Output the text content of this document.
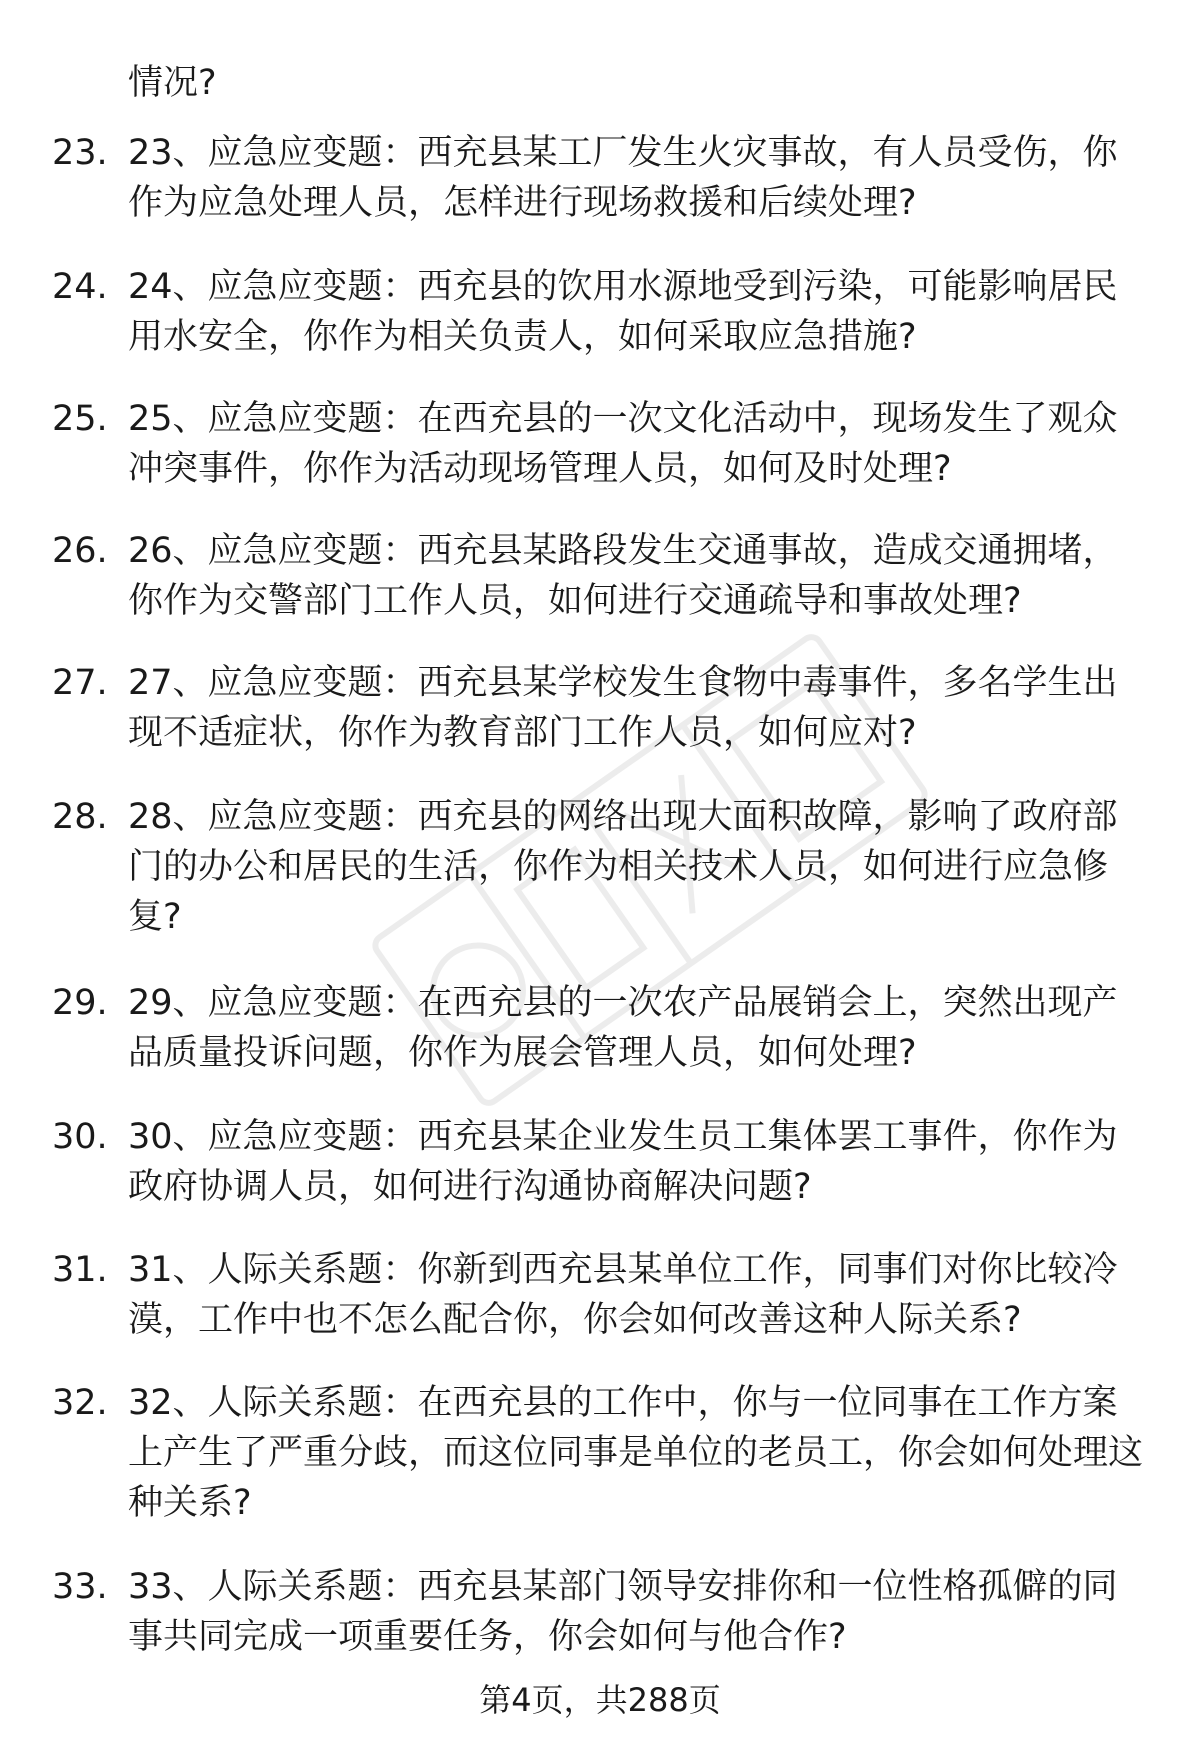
情况?

23. 23、应急应变题：西充县某工厂发生火灾事故，有人员受伤，你作为应急处理人员，怎样进行现场救援和后续处理?

24. 24、应急应变题：西充县的饮用水源地受到污染，可能影响居民用水安全，你作为相关负责人，如何采取应急措施?

25. 25、应急应变题：在西充县的一次文化活动中，现场发生了观众冲突事件，你作为活动现场管理人员，如何及时处理?

26. 26、应急应变题：西充县某路段发生交通事故，造成交通拥堵，你作为交警部门工作人员，如何进行交通疏导和事故处理?

27. 27、应急应变题：西充县某学校发生食物中毒事件，多名学生出现不适症状，你作为教育部门工作人员，如何应对?

28. 28、应急应变题：西充县的网络出现大面积故障，影响了政府部门的办公和居民的生活，你作为相关技术人员，如何进行应急修复?

29. 29、应急应变题：在西充县的一次农产品展销会上，突然出现产品质量投诉问题，你作为展会管理人员，如何处理?

30. 30、应急应变题：西充县某企业发生员工集体罢工事件，你作为政府协调人员，如何进行沟通协商解决问题?

31. 31、人际关系题：你新到西充县某单位工作，同事们对你比较冷漠，工作中也不怎么配合你，你会如何改善这种人际关系?

32. 32、人际关系题：在西充县的工作中，你与一位同事在工作方案上产生了严重分歧，而这位同事是单位的老员工，你会如何处理这种关系?

33. 33、人际关系题：西充县某部门领导安排你和一位性格孤僻的同事共同完成一项重要任务，你会如何与他合作?

第4页，共288页
